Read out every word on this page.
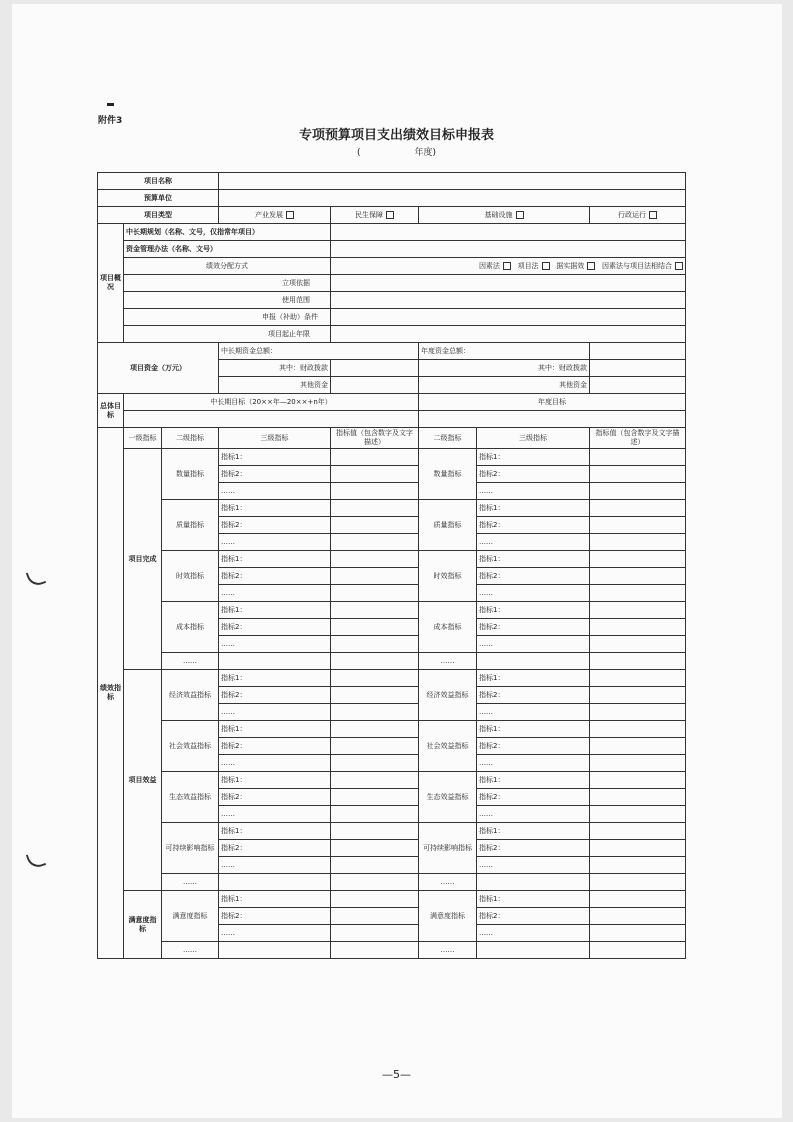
附件3
专项预算项目支出绩效目标申报表
(	年度)
项目名称							
预算单位							
项目类型			产业发展	民生保障	基础设施		行政运行
项目概况	中长期规划（名称、文号，仅指常年项目）						
	资金管理办法（名称、文号）						
	绩效分配方式			因素法 项目法 据实据效 因素法与项目法相结合			
	立项依据						
	使用范围						
	申报（补助）条件						
	项目起止年限						
项目资金（万元）			中长期资金总额：		年度资金总额：		
			其中：财政拨款		其中：财政拨款		
			其他资金		其他资金		
总体目标	中长期目标（20××年—20××+n年）				年度目标		

绩效指标	一级指标	二级指标	三级指标	指标值（包含数字及文字描述）	二级指标	三级指标	指标值（包含数字及文字描述）
	项目完成	数量指标	指标1：		数量指标	指标1：	
			指标2：			指标2：	
			……			……	
		质量指标	指标1：		质量指标	指标1：	
			指标2：			指标2：	
			……			……	
		时效指标	指标1：		时效指标	指标1：	
			指标2：			指标2：	
			……			……	
		成本指标	指标1：		成本指标	指标1：	
			指标2：			指标2：	
			……			……	
		……			……		
	项目效益	经济效益指标	指标1：		经济效益指标	指标1：	
			指标2：			指标2：	
			……			……	
		社会效益指标	指标1：		社会效益指标	指标1：	
			指标2：			指标2：	
			……			……	
		生态效益指标	指标1：		生态效益指标	指标1：	
			指标2：			指标2：	
			……			……	
		可持续影响指标	指标1：		可持续影响指标	指标1：	
			指标2：			指标2：	
			……			……	
		……			……		
	满意度指标	满意度指标	指标1：		满意度指标	指标1：	
			指标2：			指标2：	
			……			……	
		……			……		
—5—
